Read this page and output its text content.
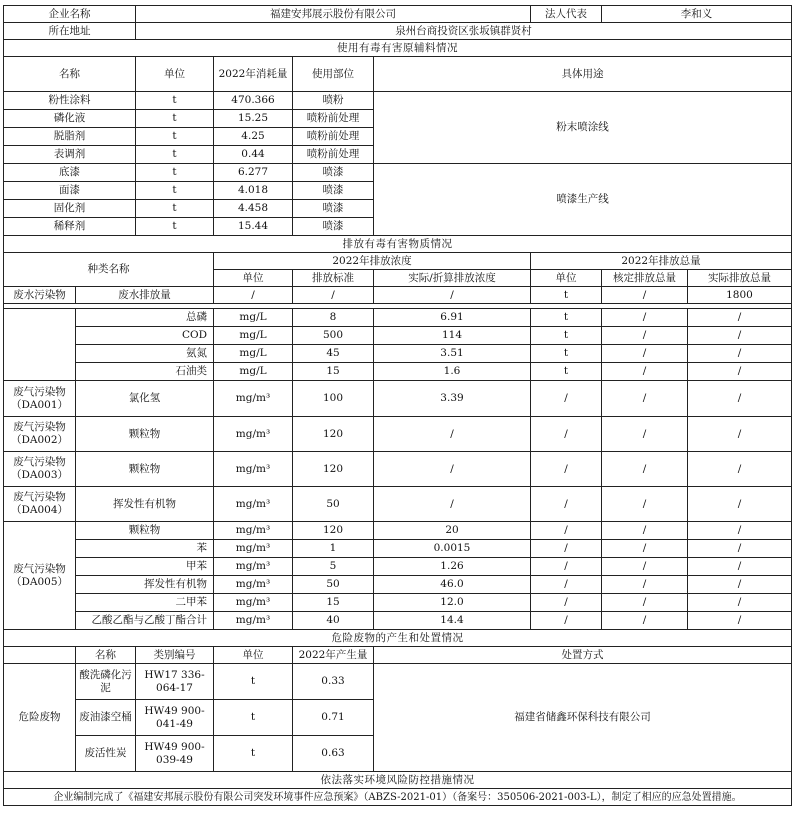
企业名称		福建安邦展示股份有限公司				法人代表	李和义	
所在地址		泉州台商投资区张坂镇群贤村						
使用有毒有害原辅料情况								
名称		单位	2022年消耗量	使用部位	具体用途			
粉性涂料		t	470.366	喷粉	粉末喷涂线			
磷化液		t	15.25	喷粉前处理				
脱脂剂		t	4.25	喷粉前处理				
表调剂		t	0.44	喷粉前处理				
底漆		t	6.277	喷漆	喷漆生产线			
面漆		t	4.018	喷漆				
固化剂		t	4.458	喷漆				
稀释剂		t	15.44	喷漆				
排放有毒有害物质情况								
种类名称			2022年排放浓度			2022年排放总量		
			单位	排放标准	实际/折算排放浓度	单位	核定排放总量	实际排放总量
废水污染物	废水排放量		/	/	/	t	/	1800

	总磷		mg/L	8	6.91	t	/	/
	COD		mg/L	500	114	t	/	/
	氨氮		mg/L	45	3.51	t	/	/
	石油类		mg/L	15	1.6	t	/	/

废气污染物
（DA001）	氯化氢		mg/m³	100	3.39	/	/	/

废气污染物
（DA002）	颗粒物		mg/m³	120	/	/	/	/

废气污染物
（DA003）	颗粒物		mg/m³	120	/	/	/	/

废气污染物
（DA004）	挥发性有机物		mg/m³	50	/	/	/	/

废气污染物
（DA005）	颗粒物		mg/m³	120	20	/	/	/
	苯		mg/m³	1	0.0015	/	/	/
	甲苯		mg/m³	5	1.26	/	/	/
	挥发性有机物		mg/m³	50	46.0	/	/	/
	二甲苯		mg/m³	15	12.0	/	/	/
	乙酸乙酯与乙酸丁酯合计		mg/m³	40	14.4	/	/	/
危险废物的产生和处置情况								
	名称	类别编号	单位	2022年产生量	处置方式			
危险废物	酸洗磷化污泥	HW17 336-064-17	t	0.33	福建省储鑫环保科技有限公司			
	废油漆空桶	HW49 900-041-49	t	0.71				
	废活性炭	HW49 900-039-49	t	0.63				
依法落实环境风险防控措施情况								
企业编制完成了《福建安邦展示股份有限公司突发环境事件应急预案》（ABZS-2021-01）（备案号：350506-2021-003-L），制定了相应的应急处置措施。								
